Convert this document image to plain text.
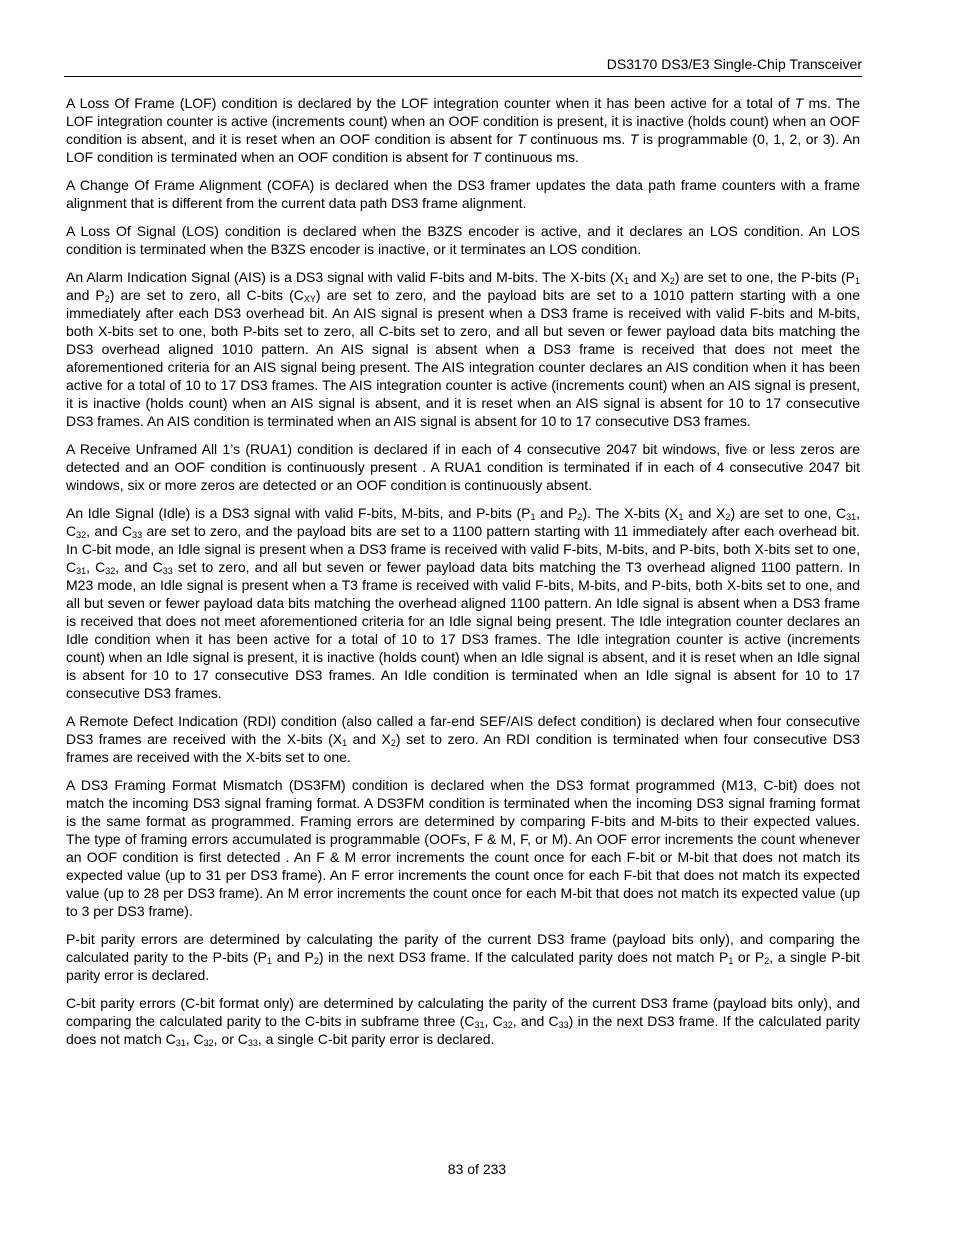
DS3170 DS3/E3 Single-Chip Transceiver

A Loss Of Frame (LOF) condition is declared by the LOF integration counter when it has been active for a total of T ms. The LOF integration counter is active (increments count) when an OOF condition is present, it is inactive (holds count) when an OOF condition is absent, and it is reset when an OOF condition is absent for T continuous ms. T is programmable (0, 1, 2, or 3). An LOF condition is terminated when an OOF condition is absent for T continuous ms.

A Change Of Frame Alignment (COFA) is declared when the DS3 framer updates the data path frame counters with a frame alignment that is different from the current data path DS3 frame alignment.

A Loss Of Signal (LOS) condition is declared when the B3ZS encoder is active, and it declares an LOS condition. An LOS condition is terminated when the B3ZS encoder is inactive, or it terminates an LOS condition.

An Alarm Indication Signal (AIS) is a DS3 signal with valid F-bits and M-bits. The X-bits ($X_1$ and $X_2$) are set to one, the P-bits ($P_1$ and $P_2$) are set to zero, all C-bits $(C_{XY})$ are set to zero, and the payload bits are set to a 1010 pattern starting with a one immediately after each DS3 overhead bit. An AIS signal is present when a DS3 frame is received with valid F-bits and M-bits, both X-bits set to one, both P-bits set to zero, all C-bits set to zero, and all but seven or fewer payload data bits matching the DS3 overhead aligned 1010 pattern. An AIS signal is absent when a DS3 frame is received that does not meet the aforementioned criteria for an AIS signal being present. The AIS integration counter declares an AIS condition when it has been active for a total of 10 to 17 DS3 frames. The AIS integration counter is active (increments count) when an AIS signal is present, it is inactive (holds count) when an AIS signal is absent, and it is reset when an AIS signal is absent for 10 to 17 consecutive DS3 frames. An AIS condition is terminated when an AIS signal is absent for 10 to 17 consecutive DS3 frames.

A Receive Unframed All 1’s (RUA1) condition is declared if in each of 4 consecutive 2047 bit windows, five or less zeros are detected and an OOF condition is continuously present . A RUA1 condition is terminated if in each of 4 consecutive 2047 bit windows, six or more zeros are detected or an OOF condition is continuously absent.

An Idle Signal (Idle) is a DS3 signal with valid F-bits, M-bits, and P-bits ($P_1$ and $P_2$). The X-bits ($X_1$ and $X_2$) are set to one, $C_{31}$, $C_{32}$, and $C_{33}$ are set to zero, and the payload bits are set to a 1100 pattern starting with 11 immediately after each overhead bit. In C-bit mode, an Idle signal is present when a DS3 frame is received with valid F-bits, M-bits, and P-bits, both X-bits set to one, $C_{31}$, $C_{32}$, and $C_{33}$ set to zero, and all but seven or fewer payload data bits matching the T3 overhead aligned 1100 pattern. In M23 mode, an Idle signal is present when a T3 frame is received with valid F-bits, M-bits, and P-bits, both X-bits set to one, and all but seven or fewer payload data bits matching the overhead aligned 1100 pattern. An Idle signal is absent when a DS3 frame is received that does not meet aforementioned criteria for an Idle signal being present. The Idle integration counter declares an Idle condition when it has been active for a total of 10 to 17 DS3 frames. The Idle integration counter is active (increments count) when an Idle signal is present, it is inactive (holds count) when an Idle signal is absent, and it is reset when an Idle signal is absent for 10 to 17 consecutive DS3 frames. An Idle condition is terminated when an Idle signal is absent for 10 to 17 consecutive DS3 frames.

A Remote Defect Indication (RDI) condition (also called a far-end SEF/AIS defect condition) is declared when four consecutive DS3 frames are received with the X-bits ($X_1$ and $X_2$) set to zero. An RDI condition is terminated when four consecutive DS3 frames are received with the X-bits set to one.

A DS3 Framing Format Mismatch (DS3FM) condition is declared when the DS3 format programmed (M13, C-bit) does not match the incoming DS3 signal framing format. A DS3FM condition is terminated when the incoming DS3 signal framing format is the same format as programmed. Framing errors are determined by comparing F-bits and M-bits to their expected values. The type of framing errors accumulated is programmable (OOFs, F & M, F, or M). An OOF error increments the count whenever an OOF condition is first detected . An F & M error increments the count once for each F-bit or M-bit that does not match its expected value (up to 31 per DS3 frame). An F error increments the count once for each F-bit that does not match its expected value (up to 28 per DS3 frame). An M error increments the count once for each M-bit that does not match its expected value (up to 3 per DS3 frame).

P-bit parity errors are determined by calculating the parity of the current DS3 frame (payload bits only), and comparing the calculated parity to the P-bits ($P_1$ and $P_2$) in the next DS3 frame. If the calculated parity does not match $P_1$ or $P_2$, a single P-bit parity error is declared.

C-bit parity errors (C-bit format only) are determined by calculating the parity of the current DS3 frame (payload bits only), and comparing the calculated parity to the C-bits in subframe three ($C_{31}$, $C_{32}$, and $C_{33}$) in the next DS3 frame. If the calculated parity does not match $C_{31}$, $C_{32}$, or $C_{33}$, a single C-bit parity error is declared.

83 of 233
